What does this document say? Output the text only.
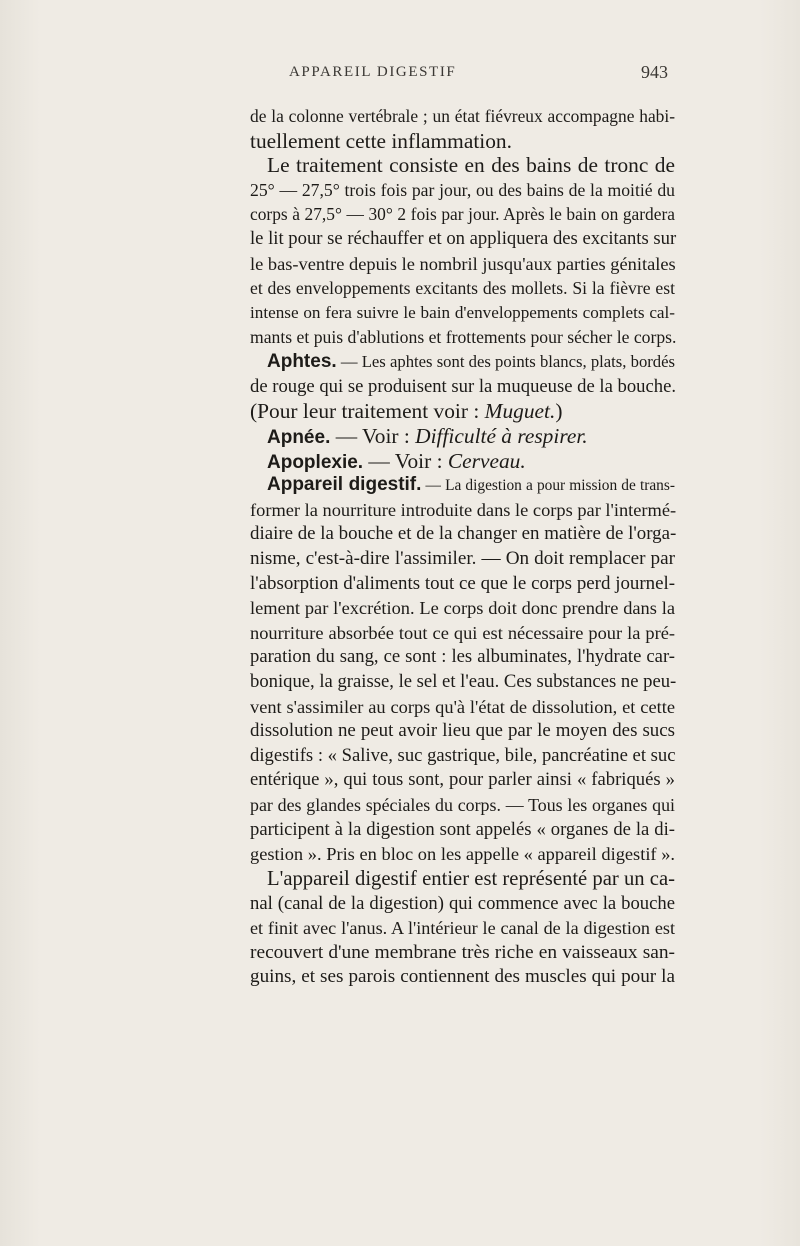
APPAREIL DIGESTIF	943
de la colonne vertébrale ; un état fiévreux accompagne habi-
tuellement cette inflammation.
Le traitement consiste en des bains de tronc de
25° — 27,5° trois fois par jour, ou des bains de la moitié du
corps à 27,5° — 30° 2 fois par jour. Après le bain on gardera
le lit pour se réchauffer et on appliquera des excitants sur
le bas-ventre depuis le nombril jusqu'aux parties génitales
et des enveloppements excitants des mollets. Si la fièvre est
intense on fera suivre le bain d'enveloppements complets cal-
mants et puis d'ablutions et frottements pour sécher le corps.
Aphtes. — Les aphtes sont des points blancs, plats, bordés
de rouge qui se produisent sur la muqueuse de la bouche.
(Pour leur traitement voir : Muguet.)
Apnée. — Voir : Difficulté à respirer.
Apoplexie. — Voir : Cerveau.
Appareil digestif. — La digestion a pour mission de trans-
former la nourriture introduite dans le corps par l'intermé-
diaire de la bouche et de la changer en matière de l'orga-
nisme, c'est-à-dire l'assimiler. — On doit remplacer par
l'absorption d'aliments tout ce que le corps perd journel-
lement par l'excrétion. Le corps doit donc prendre dans la
nourriture absorbée tout ce qui est nécessaire pour la pré-
paration du sang, ce sont : les albuminates, l'hydrate car-
bonique, la graisse, le sel et l'eau. Ces substances ne peu-
vent s'assimiler au corps qu'à l'état de dissolution, et cette
dissolution ne peut avoir lieu que par le moyen des sucs
digestifs : « Salive, suc gastrique, bile, pancréatine et suc
entérique », qui tous sont, pour parler ainsi « fabriqués »
par des glandes spéciales du corps. — Tous les organes qui
participent à la digestion sont appelés « organes de la di-
gestion ». Pris en bloc on les appelle « appareil digestif ».
L'appareil digestif entier est représenté par un ca-
nal (canal de la digestion) qui commence avec la bouche
et finit avec l'anus. A l'intérieur le canal de la digestion est
recouvert d'une membrane très riche en vaisseaux san-
guins, et ses parois contiennent des muscles qui pour la
